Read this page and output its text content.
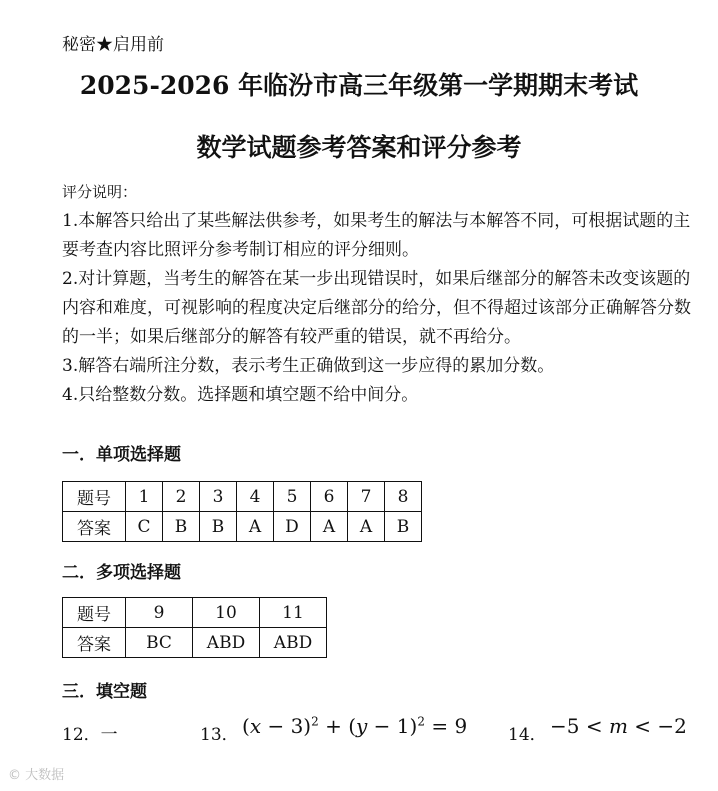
秘密★启用前
2025-2026 年临汾市高三年级第一学期期末考试
数学试题参考答案和评分参考

评分说明：

1.本解答只给出了某些解法供参考，如果考生的解法与本解答不同，可根据试题的主要考查内容比照评分参考制订相应的评分细则。

2.对计算题，当考生的解答在某一步出现错误时，如果后继部分的解答未改变该题的内容和难度，可视影响的程度决定后继部分的给分，但不得超过该部分正确解答分数的一半；如果后继部分的解答有较严重的错误，就不再给分。

3.解答右端所注分数，表示考生正确做到这一步应得的累加分数。

4.只给整数分数。选择题和填空题不给中间分。

一．单项选择题
题号	1	2	3	4	5	6	7	8
答案	C	B	B	A	D	A	A	B
二．多项选择题
题号	9	10	11
答案	BC	ABD	ABD
三．填空题
12．一	13． $(x - 3)^2 + (y - 1)^2 = 9$ 14． −5 < m < −2
© 大数据
